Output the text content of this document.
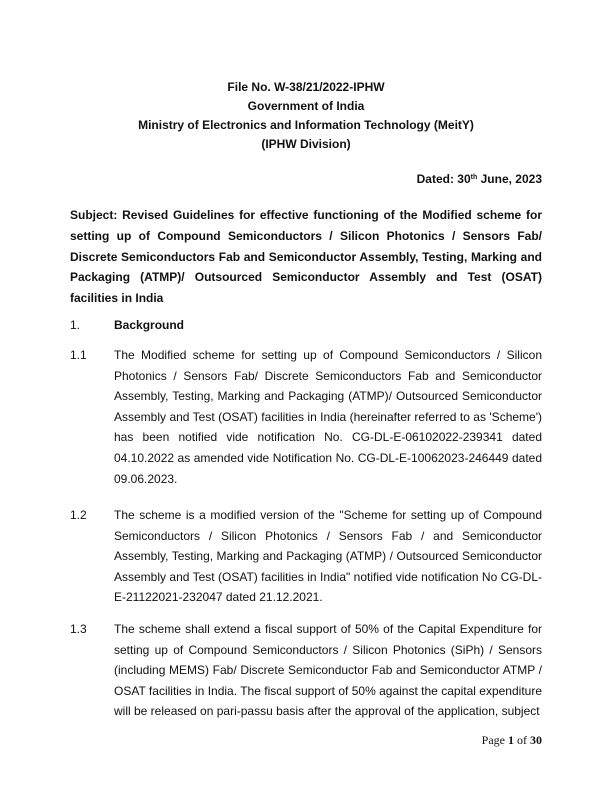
File No. W-38/21/2022-IPHW
Government of India
Ministry of Electronics and Information Technology (MeitY)
(IPHW Division)
Dated: 30th June, 2023
Subject: Revised Guidelines for effective functioning of the Modified scheme for setting up of Compound Semiconductors / Silicon Photonics / Sensors Fab/ Discrete Semiconductors Fab and Semiconductor Assembly, Testing, Marking and Packaging (ATMP)/ Outsourced Semiconductor Assembly and Test (OSAT) facilities in India
1.	Background
1.1 The Modified scheme for setting up of Compound Semiconductors / Silicon Photonics / Sensors Fab/ Discrete Semiconductors Fab and Semiconductor Assembly, Testing, Marking and Packaging (ATMP)/ Outsourced Semiconductor Assembly and Test (OSAT) facilities in India (hereinafter referred to as 'Scheme') has been notified vide notification No. CG-DL-E-06102022-239341 dated 04.10.2022 as amended vide Notification No. CG-DL-E-10062023-246449 dated 09.06.2023.
1.2 The scheme is a modified version of the "Scheme for setting up of Compound Semiconductors / Silicon Photonics / Sensors Fab / and Semiconductor Assembly, Testing, Marking and Packaging (ATMP) / Outsourced Semiconductor Assembly and Test (OSAT) facilities in India" notified vide notification No CG-DL-E-21122021-232047 dated 21.12.2021.
1.3 The scheme shall extend a fiscal support of 50% of the Capital Expenditure for setting up of Compound Semiconductors / Silicon Photonics (SiPh) / Sensors (including MEMS) Fab/ Discrete Semiconductor Fab and Semiconductor ATMP / OSAT facilities in India. The fiscal support of 50% against the capital expenditure will be released on pari-passu basis after the approval of the application, subject
Page 1 of 30
